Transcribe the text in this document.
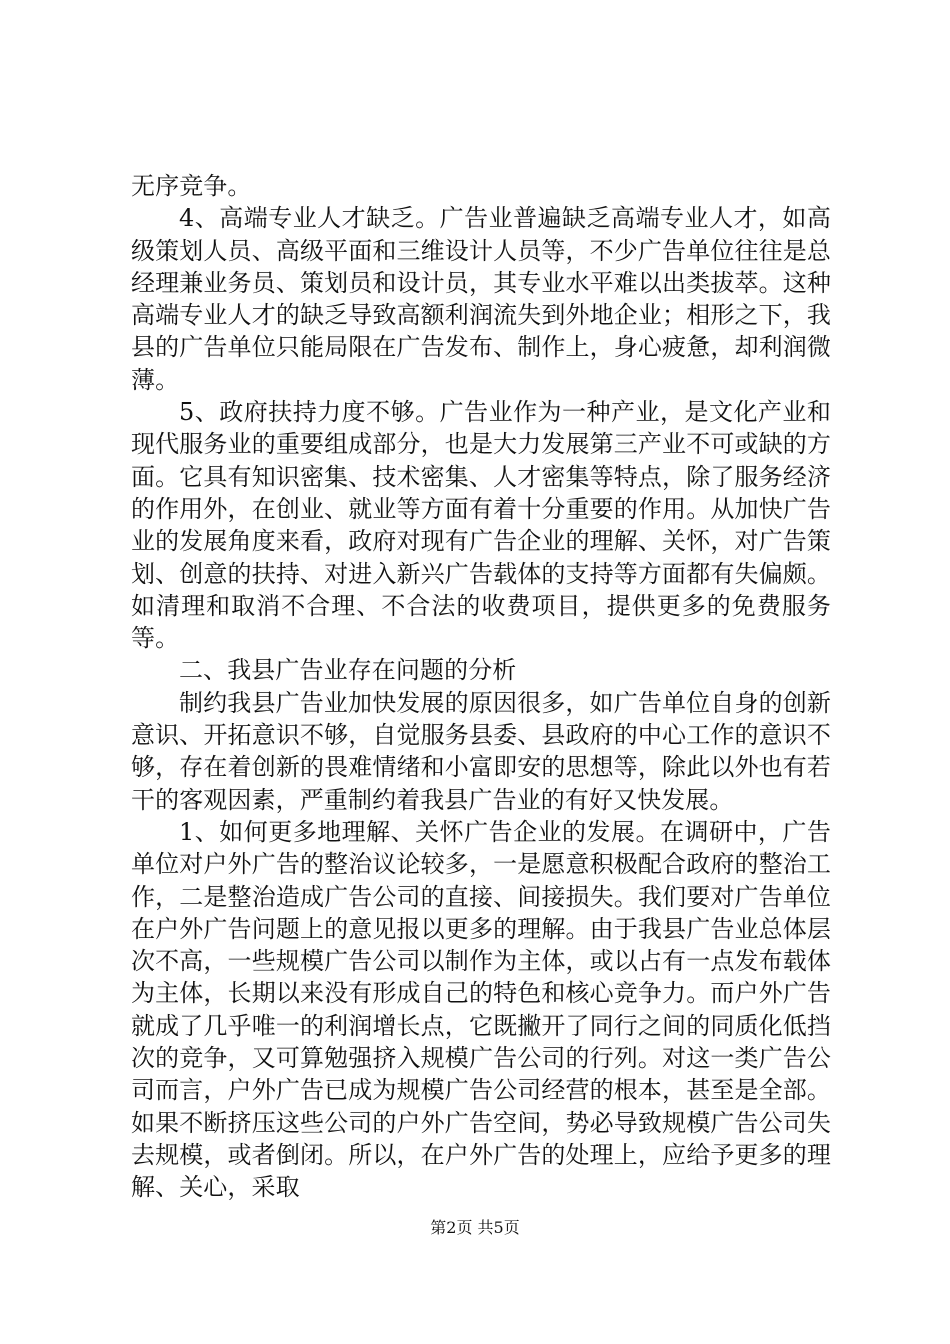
无序竞争。

4、高端专业人才缺乏。广告业普遍缺乏高端专业人才，如高级策划人员、高级平面和三维设计人员等，不少广告单位往往是总经理兼业务员、策划员和设计员，其专业水平难以出类拔萃。这种高端专业人才的缺乏导致高额利润流失到外地企业；相形之下，我县的广告单位只能局限在广告发布、制作上，身心疲惫，却利润微薄。

5、政府扶持力度不够。广告业作为一种产业，是文化产业和现代服务业的重要组成部分，也是大力发展第三产业不可或缺的方面。它具有知识密集、技术密集、人才密集等特点，除了服务经济的作用外，在创业、就业等方面有着十分重要的作用。从加快广告业的发展角度来看，政府对现有广告企业的理解、关怀，对广告策划、创意的扶持、对进入新兴广告载体的支持等方面都有失偏颇。如清理和取消不合理、不合法的收费项目，提供更多的免费服务等。

二、我县广告业存在问题的分析

制约我县广告业加快发展的原因很多，如广告单位自身的创新意识、开拓意识不够，自觉服务县委、县政府的中心工作的意识不够，存在着创新的畏难情绪和小富即安的思想等，除此以外也有若干的客观因素，严重制约着我县广告业的有好又快发展。

1、如何更多地理解、关怀广告企业的发展。在调研中，广告单位对户外广告的整治议论较多，一是愿意积极配合政府的整治工作，二是整治造成广告公司的直接、间接损失。我们要对广告单位在户外广告问题上的意见报以更多的理解。由于我县广告业总体层次不高，一些规模广告公司以制作为主体，或以占有一点发布载体为主体，长期以来没有形成自己的特色和核心竞争力。而户外广告就成了几乎唯一的利润增长点，它既撇开了同行之间的同质化低挡次的竞争，又可算勉强挤入规模广告公司的行列。对这一类广告公司而言，户外广告已成为规模广告公司经营的根本，甚至是全部。如果不断挤压这些公司的户外广告空间，势必导致规模广告公司失去规模，或者倒闭。所以，在户外广告的处理上，应给予更多的理解、关心，采取

第2页 共5页
